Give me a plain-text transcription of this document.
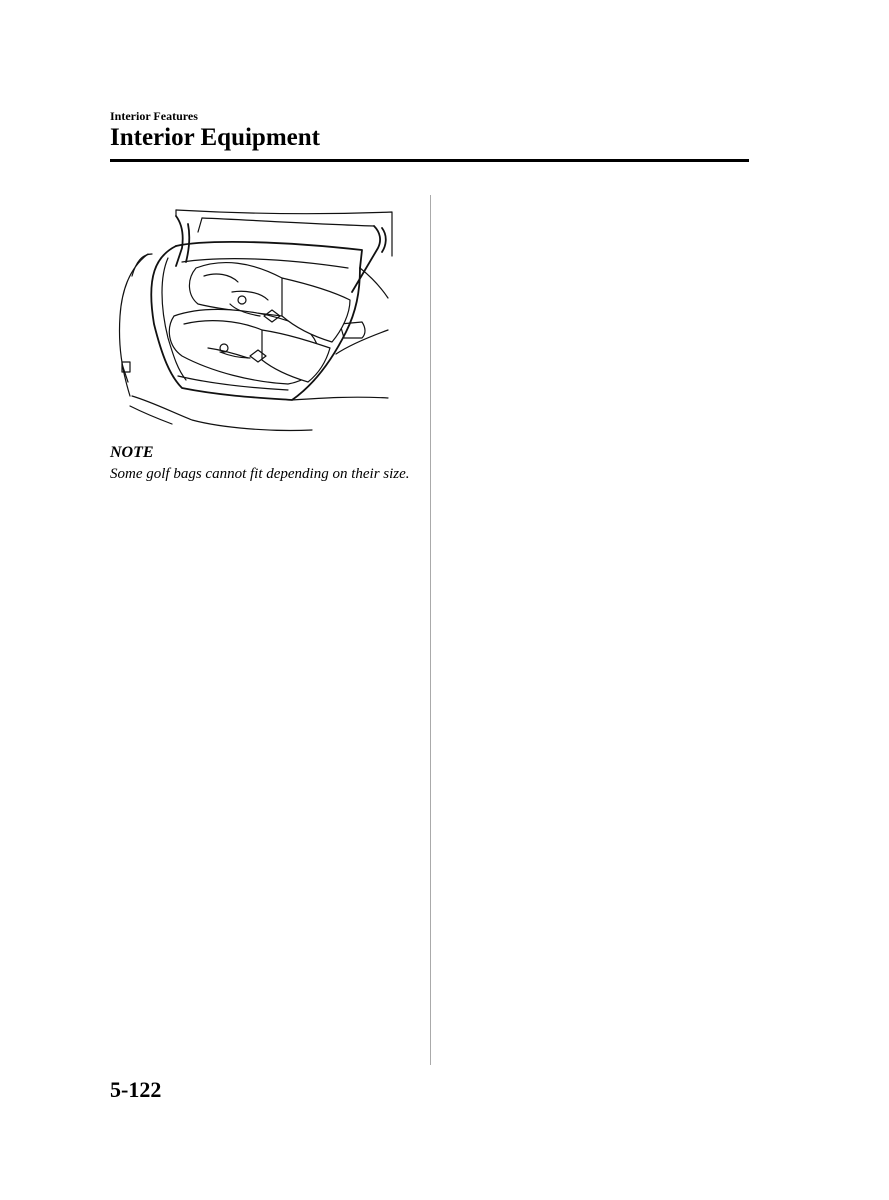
Interior Features

Interior Equipment

NOTE

Some golf bags cannot fit depending on their size.

5-122
